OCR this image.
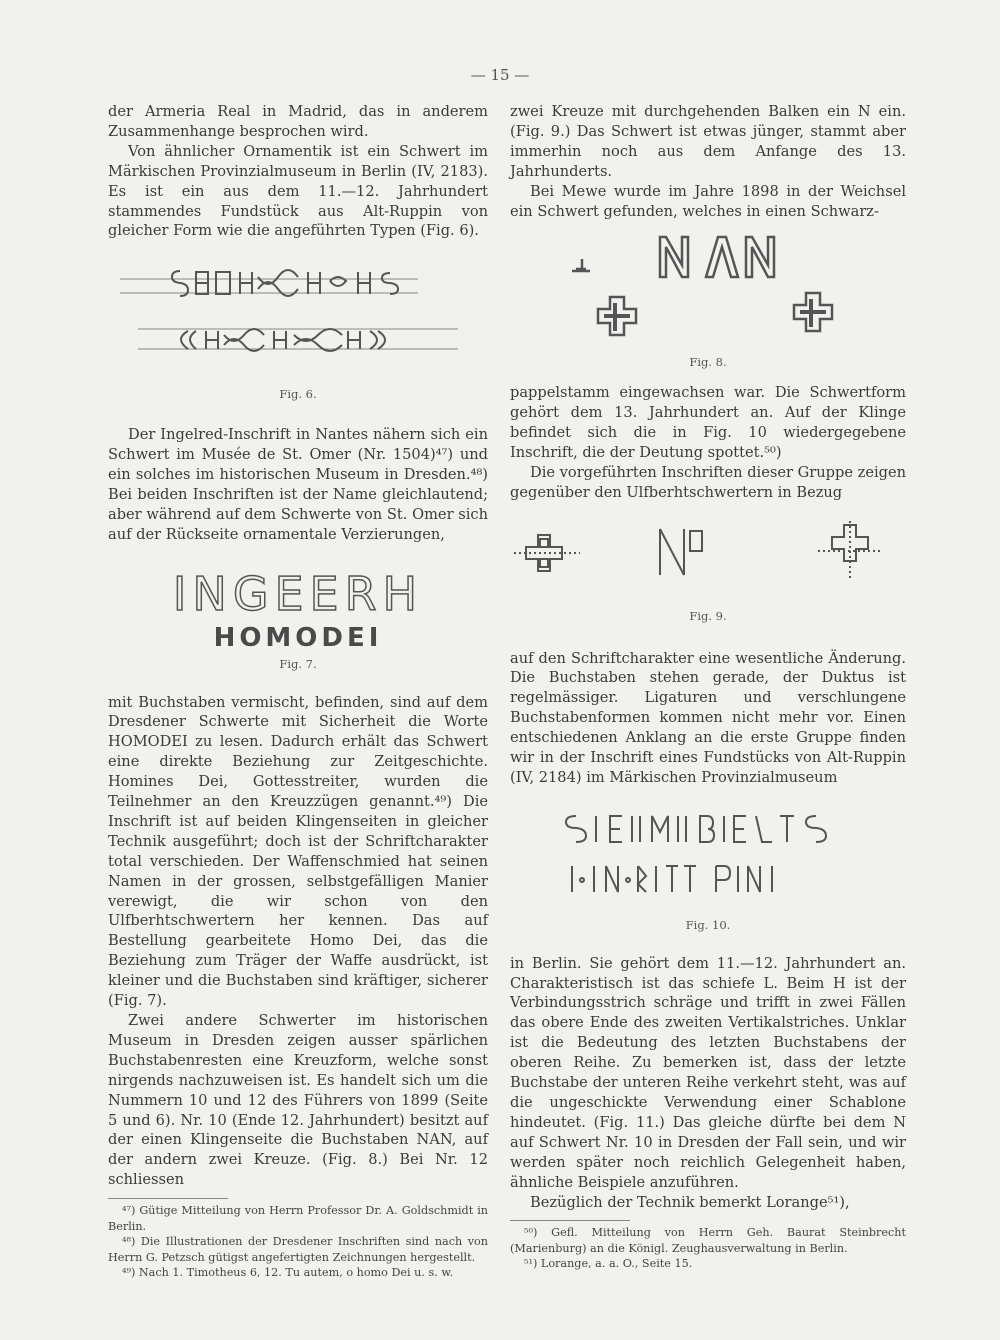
— 15 —

der Armeria Real in Madrid, das in anderem Zusammenhange besprochen wird.

Von ähnlicher Ornamentik ist ein Schwert im Märkischen Provinzialmuseum in Berlin (IV, 2183). Es ist ein aus dem 11.—12. Jahrhundert stammendes Fundstück aus Alt-Ruppin von gleicher Form wie die angeführten Typen (Fig. 6).

Fig. 6.

Der Ingelred-Inschrift in Nantes nähern sich ein Schwert im Musée de St. Omer (Nr. 1504)⁴⁷) und ein solches im historischen Museum in Dresden.⁴⁸) Bei beiden Inschriften ist der Name gleichlautend; aber während auf dem Schwerte von St. Omer sich auf der Rückseite ornamentale Verzierungen,

INGEERH
HOMODEI
Fig. 7.

mit Buchstaben vermischt, befinden, sind auf dem Dresdener Schwerte mit Sicherheit die Worte HOMODEI zu lesen. Dadurch erhält das Schwert eine direkte Beziehung zur Zeitgeschichte. Homines Dei, Gottesstreiter, wurden die Teilnehmer an den Kreuzzügen genannt.⁴⁹) Die Inschrift ist auf beiden Klingenseiten in gleicher Technik ausgeführt; doch ist der Schriftcharakter total verschieden. Der Waffenschmied hat seinen Namen in der grossen, selbstgefälligen Manier verewigt, die wir schon von den Ulfberhtschwertern her kennen. Das auf Bestellung gearbeitete Homo Dei, das die Beziehung zum Träger der Waffe ausdrückt, ist kleiner und die Buchstaben sind kräftiger, sicherer (Fig. 7).

Zwei andere Schwerter im historischen Museum in Dresden zeigen ausser spärlichen Buchstabenresten eine Kreuzform, welche sonst nirgends nachzuweisen ist. Es handelt sich um die Nummern 10 und 12 des Führers von 1899 (Seite 5 und 6). Nr. 10 (Ende 12. Jahrhundert) besitzt auf der einen Klingenseite die Buchstaben NAN, auf der andern zwei Kreuze. (Fig. 8.) Bei Nr. 12 schliessen

⁴⁷) Gütige Mitteilung von Herrn Professor Dr. A. Goldschmidt in Berlin.

⁴⁸) Die Illustrationen der Dresdener Inschriften sind nach von Herrn G. Petzsch gütigst angefertigten Zeichnungen hergestellt.

⁴⁹) Nach 1. Timotheus 6, 12. Tu autem, o homo Dei u. s. w.

zwei Kreuze mit durchgehenden Balken ein N ein. (Fig. 9.) Das Schwert ist etwas jünger, stammt aber immerhin noch aus dem Anfange des 13. Jahrhunderts.

Bei Mewe wurde im Jahre 1898 in der Weichsel ein Schwert gefunden, welches in einen Schwarz-

Fig. 8.

pappelstamm eingewachsen war. Die Schwertform gehört dem 13. Jahrhundert an. Auf der Klinge befindet sich die in Fig. 10 wiedergegebene Inschrift, die der Deutung spottet.⁵⁰)

Die vorgeführten Inschriften dieser Gruppe zeigen gegenüber den Ulfberhtschwertern in Bezug

Fig. 9.

auf den Schriftcharakter eine wesentliche Änderung. Die Buchstaben stehen gerade, der Duktus ist regelmässiger. Ligaturen und verschlungene Buchstabenformen kommen nicht mehr vor. Einen entschiedenen Anklang an die erste Gruppe finden wir in der Inschrift eines Fundstücks von Alt-Ruppin (IV, 2184) im Märkischen Provinzialmuseum

Fig. 10.

in Berlin. Sie gehört dem 11.—12. Jahrhundert an. Charakteristisch ist das schiefe L. Beim H ist der Verbindungsstrich schräge und trifft in zwei Fällen das obere Ende des zweiten Vertikalstriches. Unklar ist die Bedeutung des letzten Buchstabens der oberen Reihe. Zu bemerken ist, dass der letzte Buchstabe der unteren Reihe verkehrt steht, was auf die ungeschickte Verwendung einer Schablone hindeutet. (Fig. 11.) Das gleiche dürfte bei dem N auf Schwert Nr. 10 in Dresden der Fall sein, und wir werden später noch reichlich Gelegenheit haben, ähnliche Beispiele anzuführen.

Bezüglich der Technik bemerkt Lorange⁵¹),

⁵⁰) Gefl. Mitteilung von Herrn Geh. Baurat Steinbrecht (Marienburg) an die Königl. Zeughausverwaltung in Berlin.

⁵¹) Lorange, a. a. O., Seite 15.
